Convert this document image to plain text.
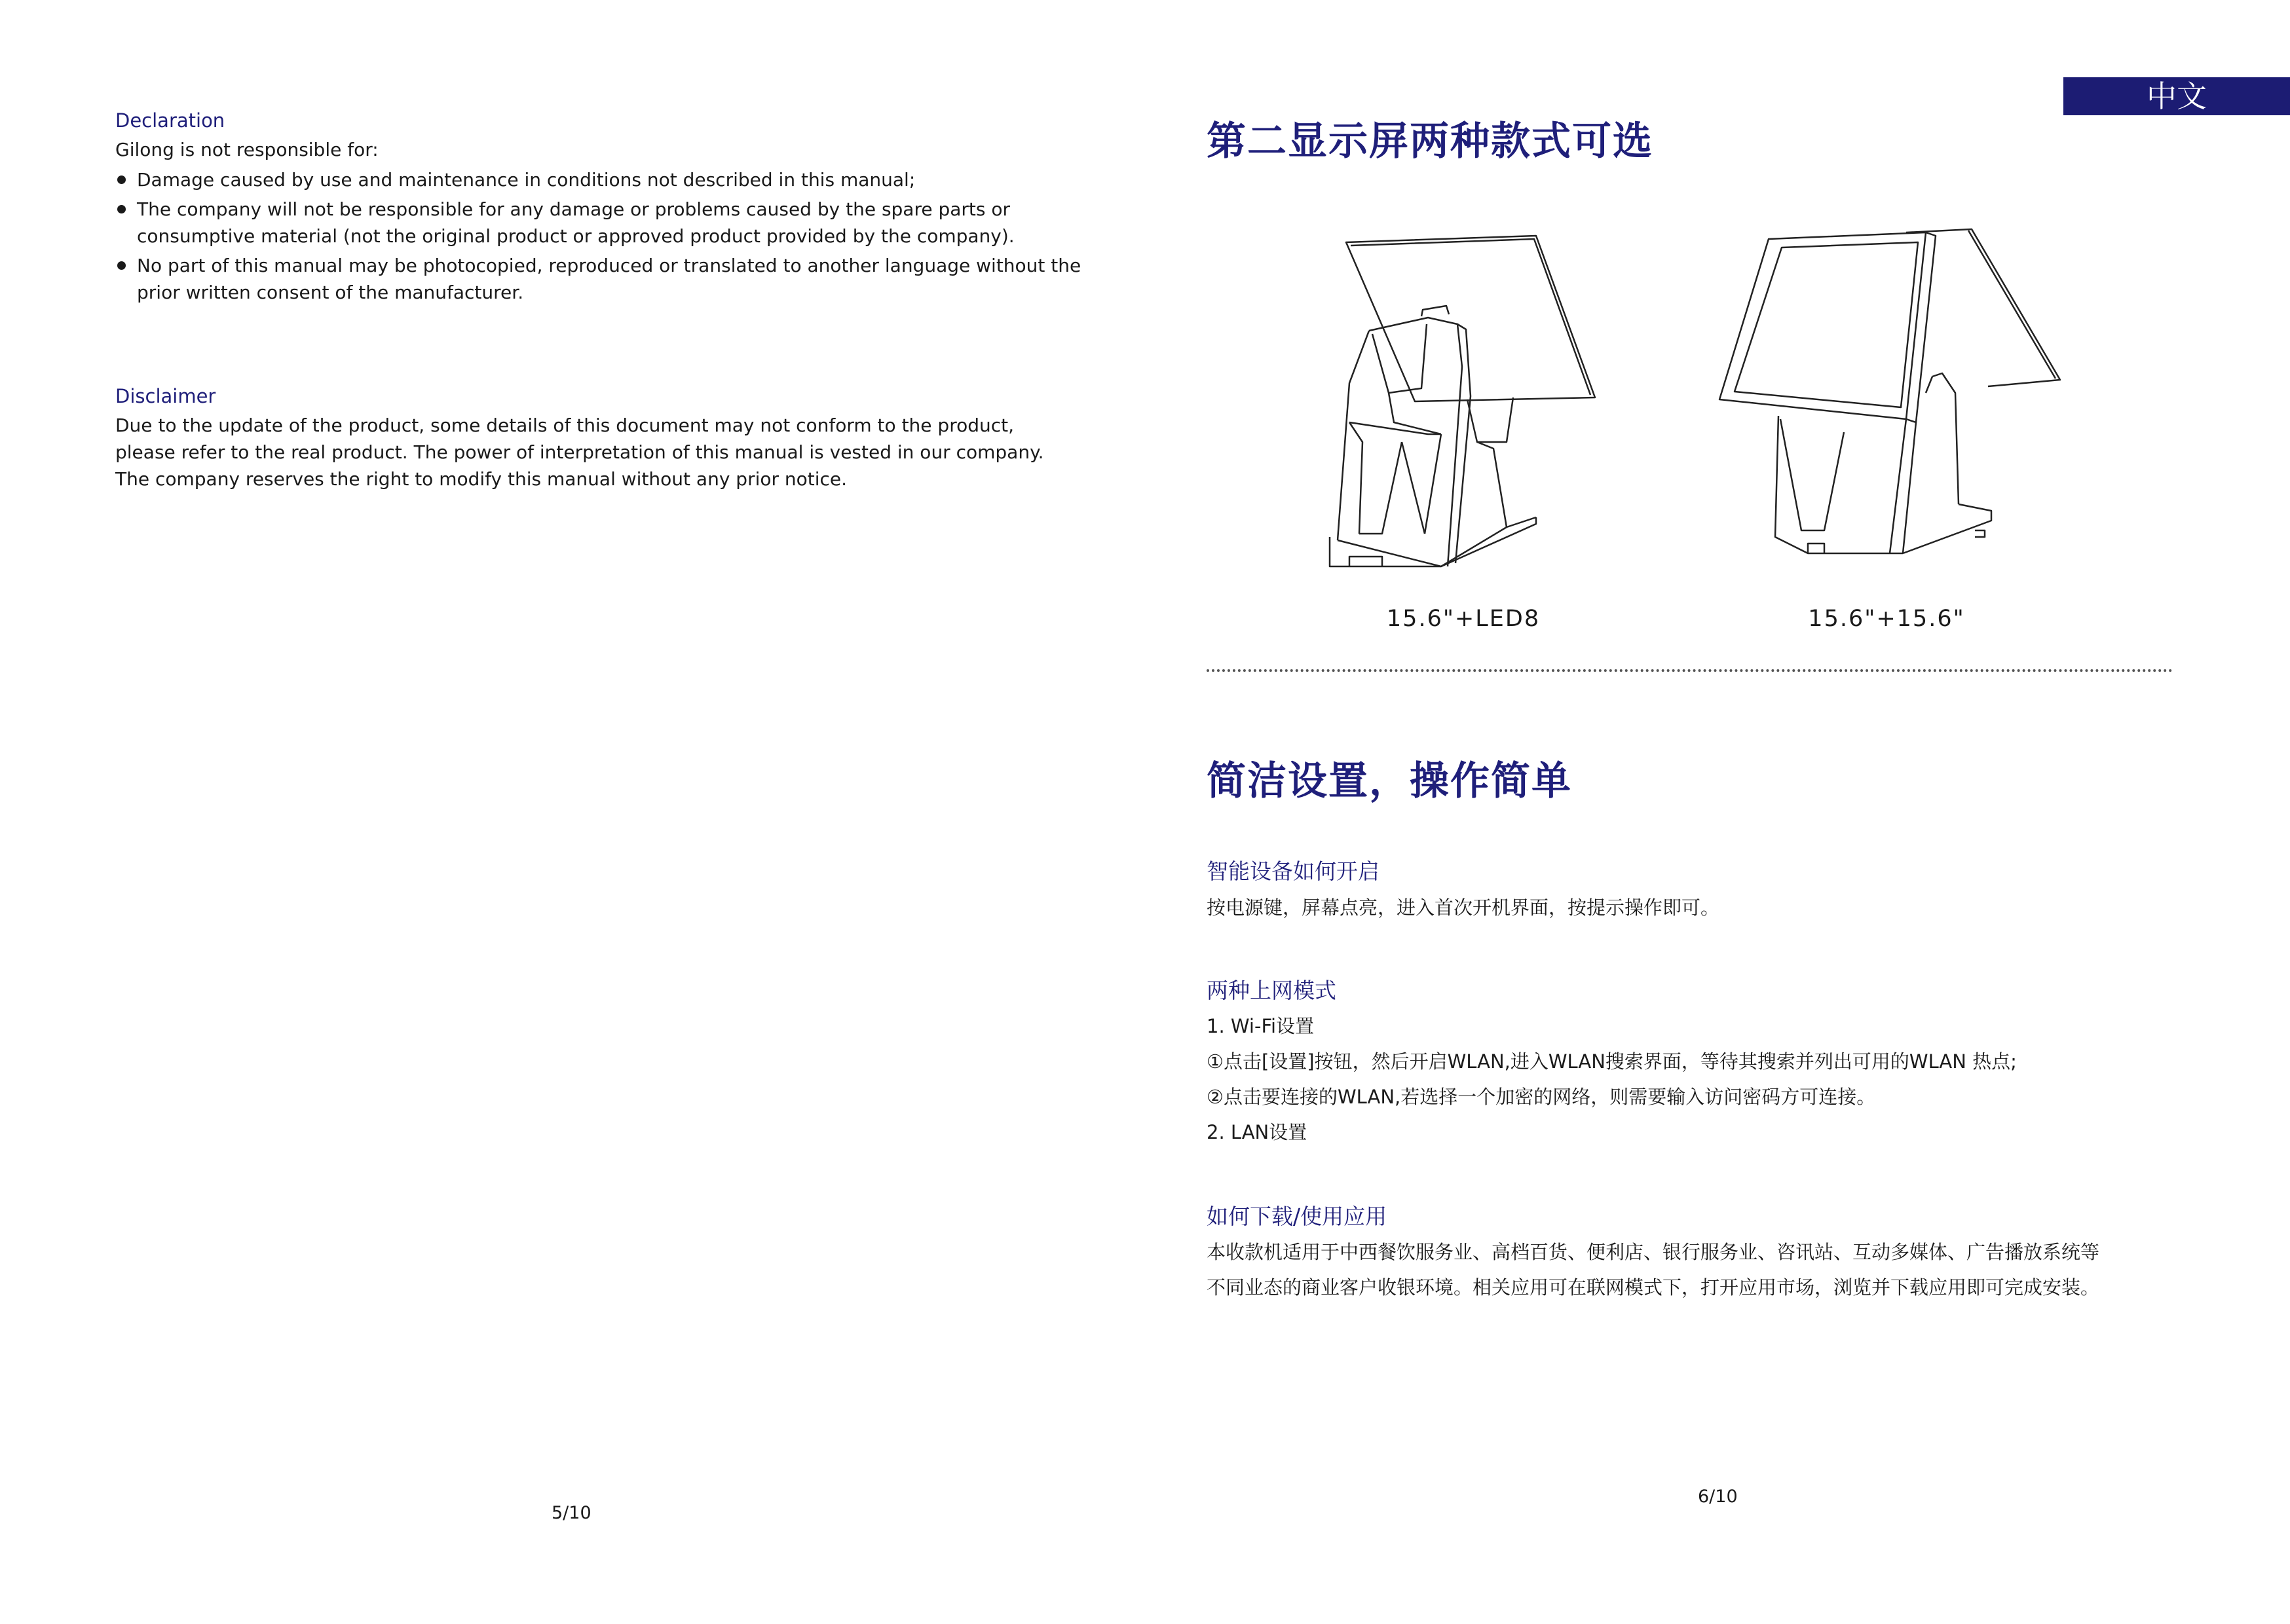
Declaration
Gilong is not responsible for:
Damage caused by use and maintenance in conditions not described in this manual;
The company will not be responsible for any damage or problems caused by the spare parts or consumptive material (not the original product or approved product provided by the company).
No part of this manual may be photocopied, reproduced or translated to another language without the prior written consent of the manufacturer.
Disclaimer
Due to the update of the product, some details of this document may not conform to the product,
please refer to the real product. The power of interpretation of this manual is vested in our company.
The company reserves the right to modify this manual without any prior notice.
5/10
中文
第二显示屏两种款式可选
15.6"+LED8	15.6"+15.6"
简洁设置，操作简单
智能设备如何开启
按电源键，屏幕点亮，进入首次开机界面，按提示操作即可。
两种上网模式
1. Wi-Fi设置
①点击[设置]按钮，然后开启WLAN,进入WLAN搜索界面，等待其搜索并列出可用的WLAN 热点;
②点击要连接的WLAN,若选择一个加密的网络，则需要输入访问密码方可连接。
2. LAN设置
如何下载/使用应用
本收款机适用于中西餐饮服务业、高档百货、便利店、银行服务业、咨讯站、互动多媒体、广告播放系统等
不同业态的商业客户收银环境。相关应用可在联网模式下，打开应用市场，浏览并下载应用即可完成安装。
6/10
